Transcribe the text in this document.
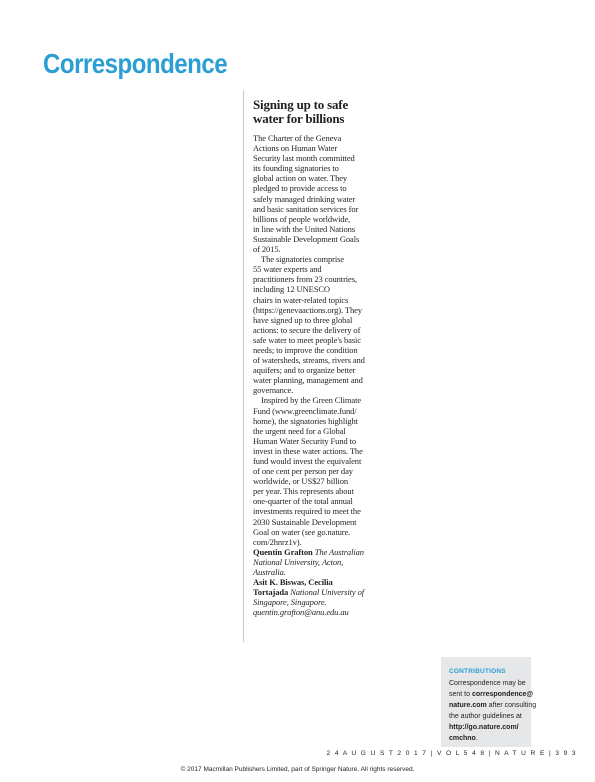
Correspondence
Signing up to safe
water for billions
The Charter of the Geneva
Actions on Human Water
Security last month committed
its founding signatories to
global action on water. They
pledged to provide access to
safely managed drinking water
and basic sanitation services for
billions of people worldwide,
in line with the United Nations
Sustainable Development Goals
of 2015.
The signatories comprise
55 water experts and
practitioners from 23 countries,
including 12 UNESCO
chairs in water-related topics
(https://genevaactions.org). They
have signed up to three global
actions: to secure the delivery of
safe water to meet people's basic
needs; to improve the condition
of watersheds, streams, rivers and
aquifers; and to organize better
water planning, management and
governance.
Inspired by the Green Climate
Fund (www.greenclimate.fund/
home), the signatories highlight
the urgent need for a Global
Human Water Security Fund to
invest in these water actions. The
fund would invest the equivalent
of one cent per person per day
worldwide, or US$27 billion
per year. This represents about
one-quarter of the total annual
investments required to meet the
2030 Sustainable Development
Goal on water (see go.nature.
com/2hnrz1v).
Quentin Grafton The Australian
National University, Acton,
Australia.
Asit K. Biswas, Cecilia
Tortajada National University of
Singapore, Singapore.
quentin.grafton@anu.edu.au
CONTRIBUTIONS
Correspondence may be
sent to correspondence@
nature.com after consulting
the author guidelines at
http://go.nature.com/
cmchno.
2 4 A U G U S T 2 0 1 7 | V O L 5 4 8 | N A T U R E | 3 9 3
© 2017 Macmillan Publishers Limited, part of Springer Nature. All rights reserved.
